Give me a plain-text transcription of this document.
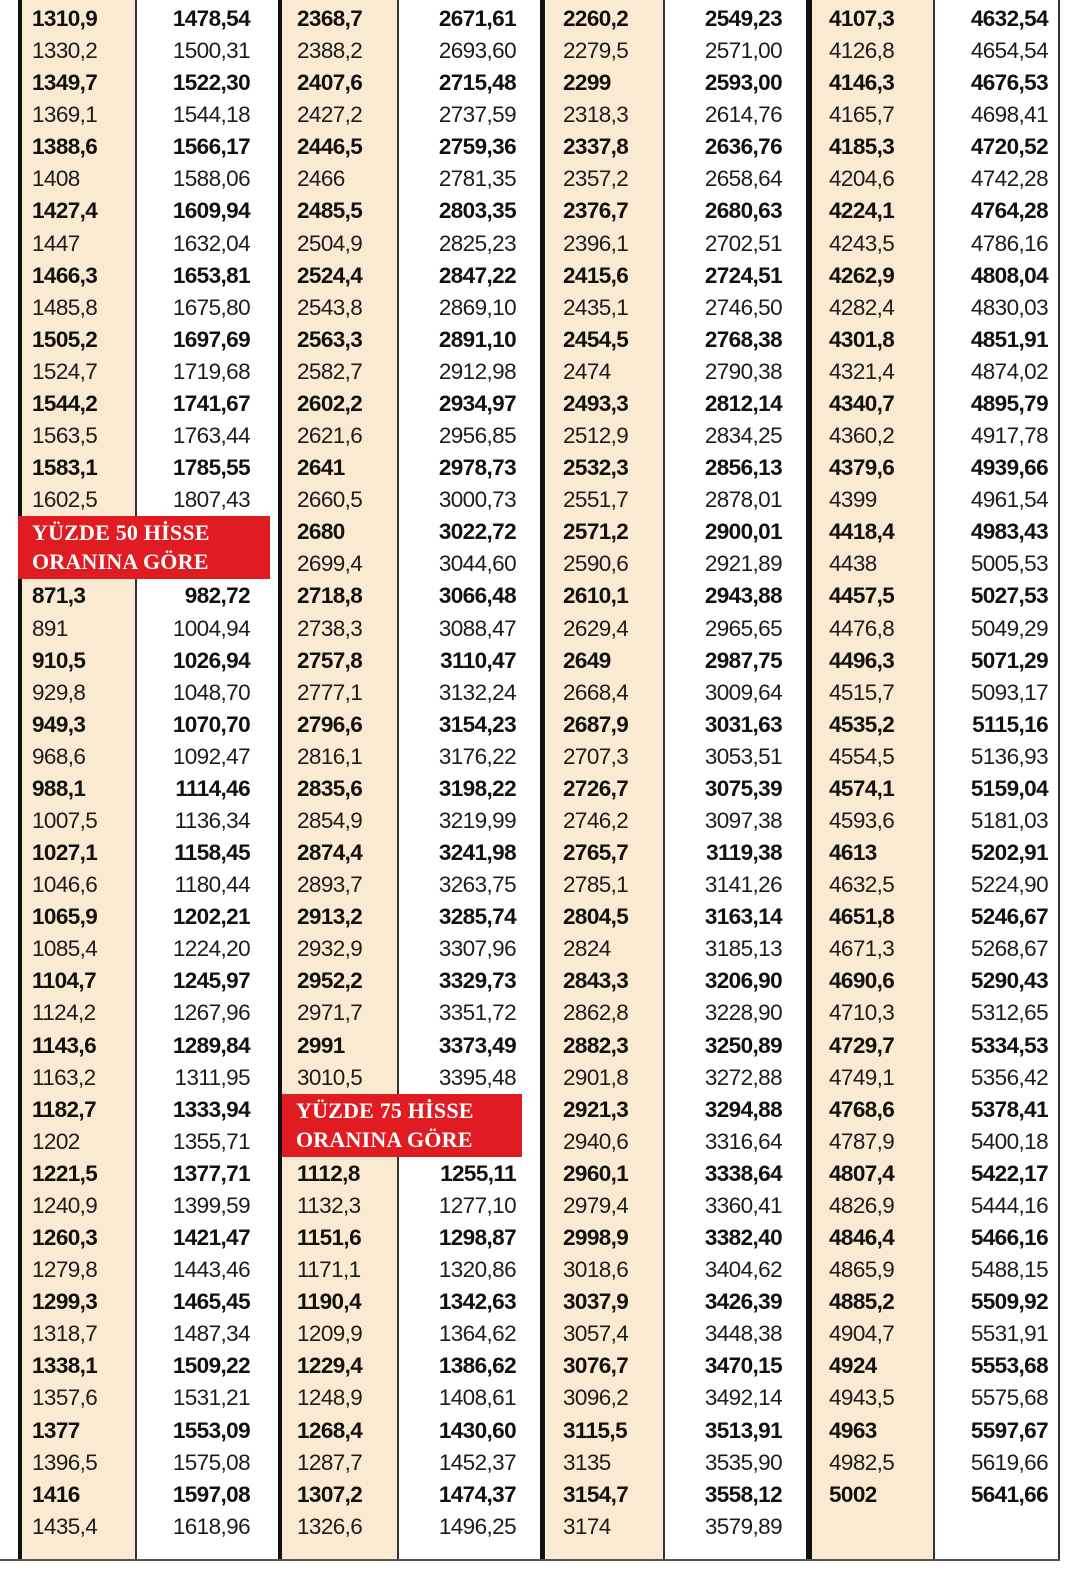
1310,9	1478,54
1330,2	1500,31
1349,7	1522,30
1369,1	1544,18
1388,6	1566,17
1408	1588,06
1427,4	1609,94
1447	1632,04
1466,3	1653,81
1485,8	1675,80
1505,2	1697,69
1524,7	1719,68
1544,2	1741,67
1563,5	1763,44
1583,1	1785,55
1602,5	1807,43
YÜZDE 50 HİSSE
ORANINA GÖRE
871,3	982,72
891	1004,94
910,5	1026,94
929,8	1048,70
949,3	1070,70
968,6	1092,47
988,1	1114,46
1007,5	1136,34
1027,1	1158,45
1046,6	1180,44
1065,9	1202,21
1085,4	1224,20
1104,7	1245,97
1124,2	1267,96
1143,6	1289,84
1163,2	1311,95
1182,7	1333,94
1202	1355,71
1221,5	1377,71
1240,9	1399,59
1260,3	1421,47
1279,8	1443,46
1299,3	1465,45
1318,7	1487,34
1338,1	1509,22
1357,6	1531,21
1377	1553,09
1396,5	1575,08
1416	1597,08
1435,4	1618,96
2368,7	2671,61
2388,2	2693,60
2407,6	2715,48
2427,2	2737,59
2446,5	2759,36
2466	2781,35
2485,5	2803,35
2504,9	2825,23
2524,4	2847,22
2543,8	2869,10
2563,3	2891,10
2582,7	2912,98
2602,2	2934,97
2621,6	2956,85
2641	2978,73
2660,5	3000,73
2680	3022,72
2699,4	3044,60
2718,8	3066,48
2738,3	3088,47
2757,8	3110,47
2777,1	3132,24
2796,6	3154,23
2816,1	3176,22
2835,6	3198,22
2854,9	3219,99
2874,4	3241,98
2893,7	3263,75
2913,2	3285,74
2932,9	3307,96
2952,2	3329,73
2971,7	3351,72
2991	3373,49
3010,5	3395,48
YÜZDE 75 HİSSE
ORANINA GÖRE
1112,8	1255,11
1132,3	1277,10
1151,6	1298,87
1171,1	1320,86
1190,4	1342,63
1209,9	1364,62
1229,4	1386,62
1248,9	1408,61
1268,4	1430,60
1287,7	1452,37
1307,2	1474,37
1326,6	1496,25
2260,2	2549,23
2279,5	2571,00
2299	2593,00
2318,3	2614,76
2337,8	2636,76
2357,2	2658,64
2376,7	2680,63
2396,1	2702,51
2415,6	2724,51
2435,1	2746,50
2454,5	2768,38
2474	2790,38
2493,3	2812,14
2512,9	2834,25
2532,3	2856,13
2551,7	2878,01
2571,2	2900,01
2590,6	2921,89
2610,1	2943,88
2629,4	2965,65
2649	2987,75
2668,4	3009,64
2687,9	3031,63
2707,3	3053,51
2726,7	3075,39
2746,2	3097,38
2765,7	3119,38
2785,1	3141,26
2804,5	3163,14
2824	3185,13
2843,3	3206,90
2862,8	3228,90
2882,3	3250,89
2901,8	3272,88
2921,3	3294,88
2940,6	3316,64
2960,1	3338,64
2979,4	3360,41
2998,9	3382,40
3018,6	3404,62
3037,9	3426,39
3057,4	3448,38
3076,7	3470,15
3096,2	3492,14
3115,5	3513,91
3135	3535,90
3154,7	3558,12
3174	3579,89
4107,3	4632,54
4126,8	4654,54
4146,3	4676,53
4165,7	4698,41
4185,3	4720,52
4204,6	4742,28
4224,1	4764,28
4243,5	4786,16
4262,9	4808,04
4282,4	4830,03
4301,8	4851,91
4321,4	4874,02
4340,7	4895,79
4360,2	4917,78
4379,6	4939,66
4399	4961,54
4418,4	4983,43
4438	5005,53
4457,5	5027,53
4476,8	5049,29
4496,3	5071,29
4515,7	5093,17
4535,2	5115,16
4554,5	5136,93
4574,1	5159,04
4593,6	5181,03
4613	5202,91
4632,5	5224,90
4651,8	5246,67
4671,3	5268,67
4690,6	5290,43
4710,3	5312,65
4729,7	5334,53
4749,1	5356,42
4768,6	5378,41
4787,9	5400,18
4807,4	5422,17
4826,9	5444,16
4846,4	5466,16
4865,9	5488,15
4885,2	5509,92
4904,7	5531,91
4924	5553,68
4943,5	5575,68
4963	5597,67
4982,5	5619,66
5002	5641,66
